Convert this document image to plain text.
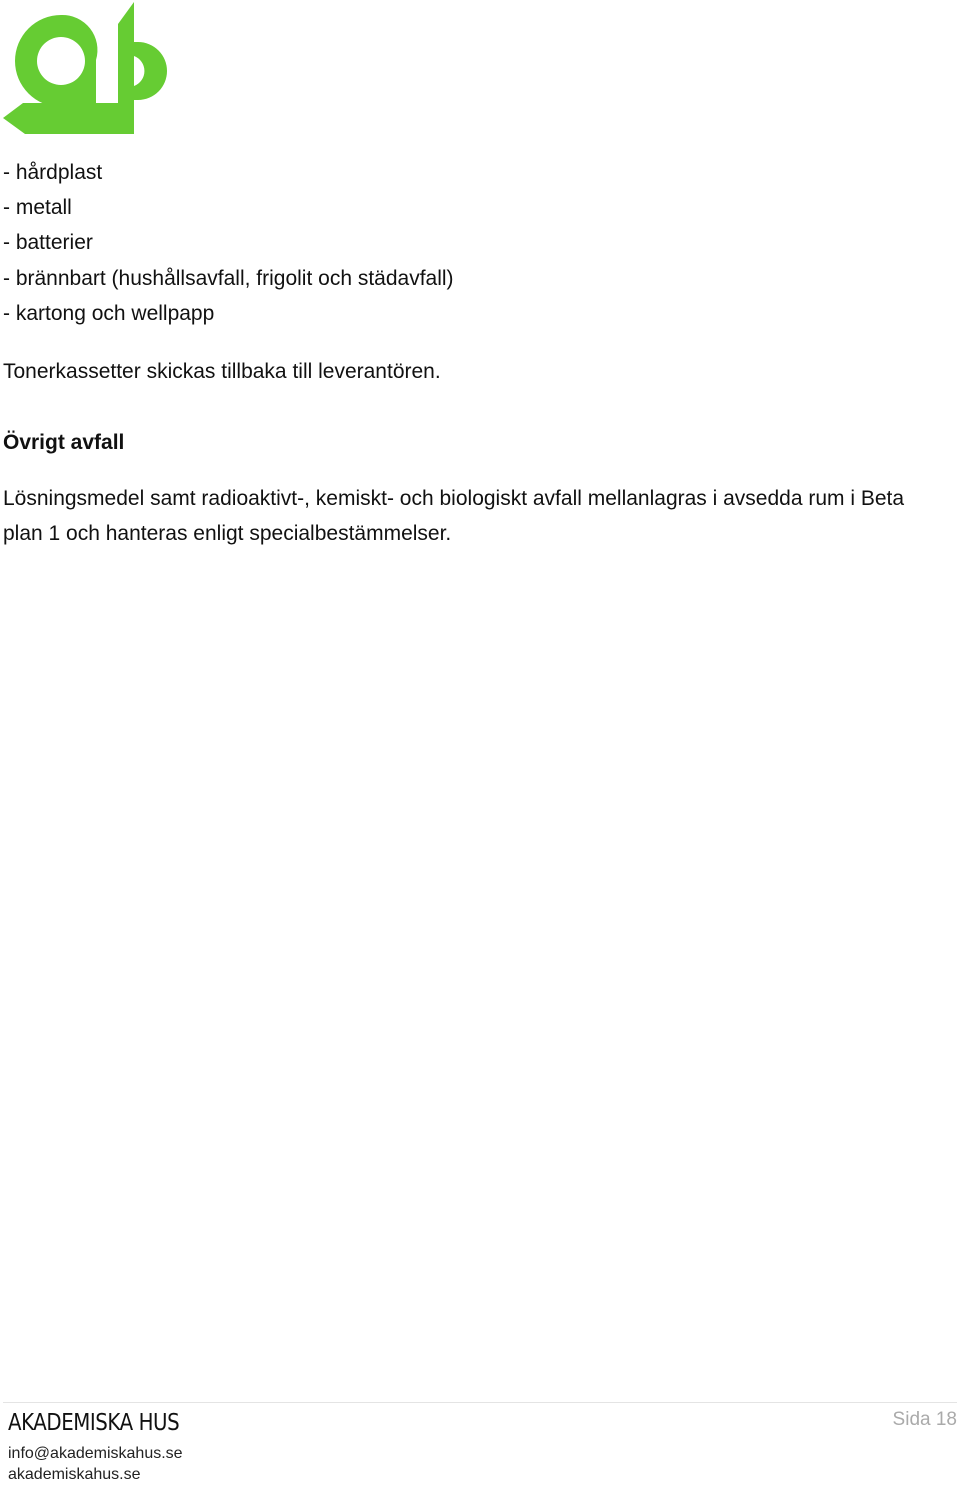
- hårdplast
- metall
- batterier
- brännbart (hushållsavfall, frigolit och städavfall)
- kartong och wellpapp

Tonerkassetter skickas tillbaka till leverantören.

Övrigt avfall

Lösningsmedel samt radioaktivt-, kemiskt- och biologiskt avfall mellanlagras i avsedda rum i Beta
plan 1 och hanteras enligt specialbestämmelser.

AKADEMISKA HUS

info@akademiskahus.se

akademiskahus.se

Sida 18
